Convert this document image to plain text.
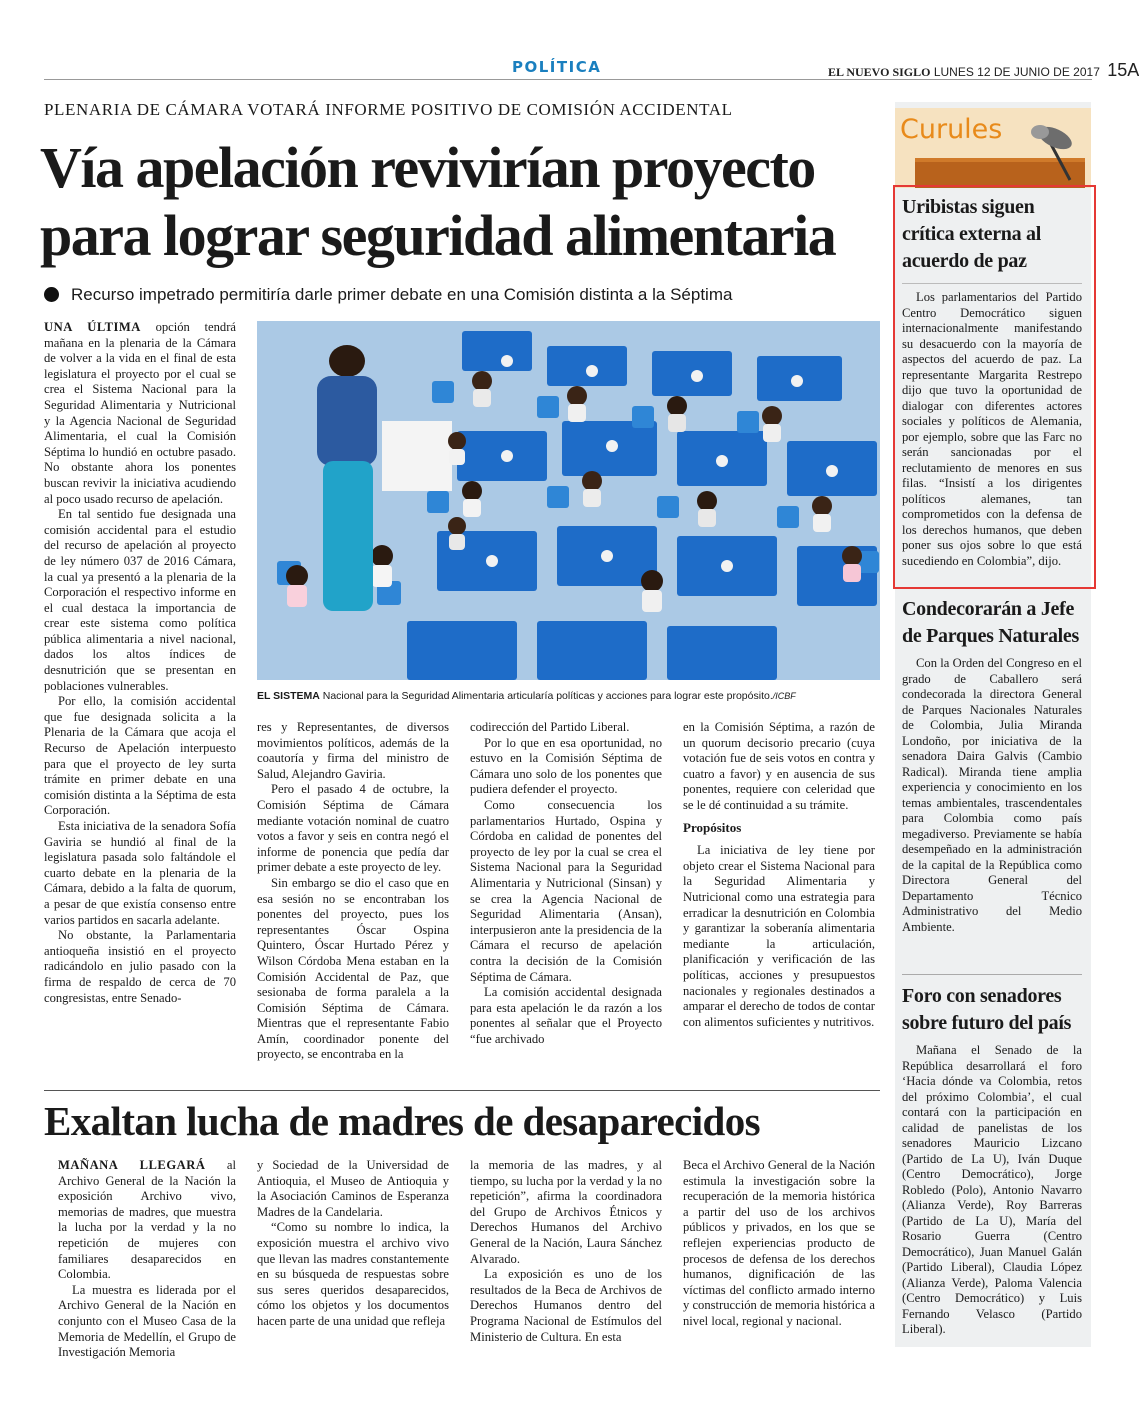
POLÍTICA	EL NUEVO SIGLO LUNES 12 DE JUNIO DE 2017 15A
PLENARIA DE CÁMARA VOTARÁ INFORME POSITIVO DE COMISIÓN ACCIDENTAL
Vía apelación revivirían proyecto
para lograr seguridad alimentaria
Recurso impetrado permitiría darle primer debate en una Comisión distinta a la Séptima

UNA ÚLTIMA opción tendrá mañana en la plenaria de la Cámara de volver a la vida en el final de esta legislatura el proyecto por el cual se crea el Sistema Nacional para la Seguridad Alimentaria y Nutricional y la Agencia Nacional de Seguridad Alimentaria, el cual la Comisión Séptima lo hundió en octubre pasado. No obstante ahora los ponentes buscan revivir la iniciativa acudiendo al poco usado recurso de apelación.

En tal sentido fue designada una comisión accidental para el estudio del recurso de apelación al proyecto de ley número 037 de 2016 Cámara, la cual ya presentó a la plenaria de la Corporación el respectivo informe en el cual destaca la importancia de crear este sistema como política pública alimentaria a nivel nacional, dados los altos índices de desnutrición que se presentan en poblaciones vulnerables.

Por ello, la comisión accidental que fue designada solicita a la Plenaria de la Cámara que acoja el Recurso de Apelación interpuesto para que el proyecto de ley surta trámite en primer debate en una comisión distinta a la Séptima de esta Corporación.

Esta iniciativa de la senadora Sofía Gaviria se hundió al final de la legislatura pasada solo faltándole el cuarto debate en la plenaria de la Cámara, debido a la falta de quorum, a pesar de que existía consenso entre varios partidos en sacarla adelante.

No obstante, la Parlamentaria antioqueña insistió en el proyecto radicándolo en julio pasado con la firma de respaldo de cerca de 70 congresistas, entre Senado-

EL SISTEMA Nacional para la Seguridad Alimentaria articularía políticas y acciones para lograr este propósito./ICBF

res y Representantes, de diversos movimientos políticos, además de la coautoría y firma del ministro de Salud, Alejandro Gaviria.

Pero el pasado 4 de octubre, la Comisión Séptima de Cámara mediante votación nominal de cuatro votos a favor y seis en contra negó el informe de ponencia que pedía dar primer debate a este proyecto de ley.

Sin embargo se dio el caso que en esa sesión no se encontraban los ponentes del proyecto, pues los representantes Óscar Ospina Quintero, Óscar Hurtado Pérez y Wilson Córdoba Mena estaban en la Comisión Accidental de Paz, que sesionaba de forma paralela a la Comisión Séptima de Cámara. Mientras que el representante Fabio Amín, coordinador ponente del proyecto, se encontraba en la

codirección del Partido Liberal.

Por lo que en esa oportunidad, no estuvo en la Comisión Séptima de Cámara uno solo de los ponentes que pudiera defender el proyecto.

Como consecuencia los parlamentarios Hurtado, Ospina y Córdoba en calidad de ponentes del proyecto de ley por la cual se crea el Sistema Nacional para la Seguridad Alimentaria y Nutricional (Sinsan) y se crea la Agencia Nacional de Seguridad Alimentaria (Ansan), interpusieron ante la presidencia de la Cámara el recurso de apelación contra la decisión de la Comisión Séptima de Cámara.

La comisión accidental designada para esta apelación le da razón a los ponentes al señalar que el Proyecto “fue archivado

en la Comisión Séptima, a razón de un quorum decisorio precario (cuya votación fue de seis votos en contra y cuatro a favor) y en ausencia de sus ponentes, requiere con celeridad que se le dé continuidad a su trámite.

Propósitos

La iniciativa de ley tiene por objeto crear el Sistema Nacional para la Seguridad Alimentaria y Nutricional como una estrategia para erradicar la desnutrición en Colombia y garantizar la soberanía alimentaria mediante la articulación, planificación y verificación de las políticas, acciones y presupuestos nacionales y regionales destinados a amparar el derecho de todos de contar con alimentos suficientes y nutritivos.

Exaltan lucha de madres de desaparecidos

MAÑANA LLEGARÁ al Archivo General de la Nación la exposición Archivo vivo, memorias de madres, que muestra la lucha por la verdad y la no repetición de mujeres con familiares desaparecidos en Colombia.

La muestra es liderada por el Archivo General de la Nación en conjunto con el Museo Casa de la Memoria de Medellín, el Grupo de Investigación Memoria

y Sociedad de la Universidad de Antioquia, el Museo de Antioquia y la Asociación Caminos de Esperanza Madres de la Candelaria.

“Como su nombre lo indica, la exposición muestra el archivo vivo que llevan las madres constantemente en su búsqueda de respuestas sobre sus seres queridos desaparecidos, cómo los objetos y los documentos hacen parte de una unidad que refleja

la memoria de las madres, y al tiempo, su lucha por la verdad y la no repetición”, afirma la coordinadora del Grupo de Archivos Étnicos y Derechos Humanos del Archivo General de la Nación, Laura Sánchez Alvarado.

La exposición es uno de los resultados de la Beca de Archivos de Derechos Humanos dentro del Programa Nacional de Estímulos del Ministerio de Cultura. En esta

Beca el Archivo General de la Nación estimula la investigación sobre la recuperación de la memoria histórica a partir del uso de los archivos públicos y privados, en los que se reflejen experiencias producto de procesos de defensa de los derechos humanos, dignificación de las víctimas del conflicto armado interno y construcción de memoria histórica a nivel local, regional y nacional.

Curules
Uribistas siguen crítica externa al acuerdo de paz

Los parlamentarios del Partido Centro Democrático siguen internacionalmente manifestando su desacuerdo con la mayoría de aspectos del acuerdo de paz. La representante Margarita Restrepo dijo que tuvo la oportunidad de dialogar con diferentes actores sociales y políticos de Alemania, por ejemplo, sobre que las Farc no serán sancionadas por el reclutamiento de menores en sus filas. “Insistí a los dirigentes políticos alemanes, tan comprometidos con la defensa de los derechos humanos, que deben poner sus ojos sobre lo que está sucediendo en Colombia”, dijo.

Condecorarán a Jefe de Parques Naturales

Con la Orden del Congreso en el grado de Caballero será condecorada la directora General de Parques Nacionales Naturales de Colombia, Julia Miranda Londoño, por iniciativa de la senadora Daira Galvis (Cambio Radical). Miranda tiene amplia experiencia y conocimiento en los temas ambientales, trascendentales para Colombia como país megadiverso. Previamente se había desempeñado en la administración de la capital de la República como Directora General del Departamento Técnico Administrativo del Medio Ambiente.

Foro con senadores sobre futuro del país

Mañana el Senado de la República desarrollará el foro ‘Hacia dónde va Colombia, retos del próximo Colombia’, el cual contará con la participación en calidad de panelistas de los senadores Mauricio Lizcano (Partido de La U), Iván Duque (Centro Democrático), Jorge Robledo (Polo), Antonio Navarro (Alianza Verde), Roy Barreras (Partido de La U), María del Rosario Guerra (Centro Democrático), Juan Manuel Galán (Partido Liberal), Claudia López (Alianza Verde), Paloma Valencia (Centro Democrático) y Luis Fernando Velasco (Partido Liberal).
